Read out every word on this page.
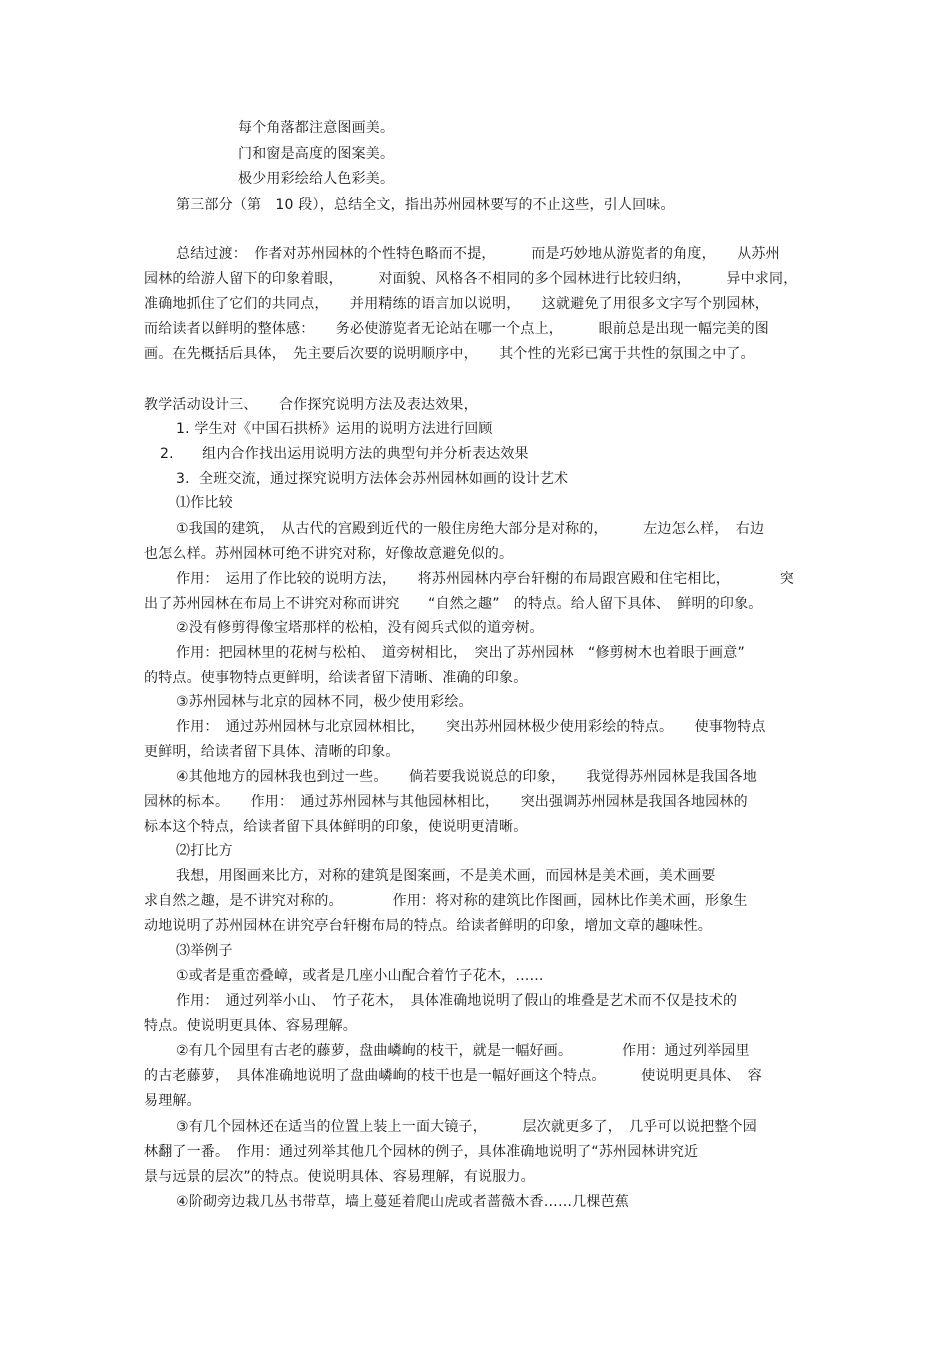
每个角落都注意图画美。
门和窗是高度的图案美。
极少用彩绘给人色彩美。
第三部分（第　10 段），总结全文，指出苏州园林要写的不止这些，引人回味。
总结过渡：　作者对苏州园林的个性特色略而不提，　　　而是巧妙地从游览者的角度，　　从苏州
园林的给游人留下的印象着眼，　　　对面貌、风格各不相同的多个园林进行比较归纳，　　　异中求同，
准确地抓住了它们的共同点，　　并用精练的语言加以说明，　　这就避免了用很多文字写个别园林，
而给读者以鲜明的整体感：　　务必使游览者无论站在哪一个点上，　　　眼前总是出现一幅完美的图
画。在先概括后具体，　先主要后次要的说明顺序中，　　其个性的光彩已寓于共性的氛围之中了。
教学活动设计三、　　合作探究说明方法及表达效果，
1. 学生对《中国石拱桥》运用的说明方法进行回顾
2.　　组内合作找出运用说明方法的典型句并分析表达效果
3.  全班交流，通过探究说明方法体会苏州园林如画的设计艺术
⑴作比较
①我国的建筑，　从古代的宫殿到近代的一般住房绝大部分是对称的，　　　左边怎么样，　右边
也怎么样。苏州园林可绝不讲究对称，好像故意避免似的。
作用：　运用了作比较的说明方法，　　将苏州园林内亭台轩榭的布局跟宫殿和住宅相比，　　　　突
出了苏州园林在布局上不讲究对称而讲究　　“自然之趣”　的特点。给人留下具体、　鲜明的印象。
②没有修剪得像宝塔那样的松柏，没有阅兵式似的道旁树。
作用：把园林里的花树与松柏、　道旁树相比，　突出了苏州园林　“修剪树木也着眼于画意”
的特点。使事物特点更鲜明，给读者留下清晰、准确的印象。
③苏州园林与北京的园林不同，极少使用彩绘。
作用：　通过苏州园林与北京园林相比，　　突出苏州园林极少使用彩绘的特点。　　使事物特点
更鲜明，给读者留下具体、清晰的印象。
④其他地方的园林我也到过一些。　　倘若要我说说总的印象，　　我觉得苏州园林是我国各地
园林的标本。　　作用：　通过苏州园林与其他园林相比，　　突出强调苏州园林是我国各地园林的
标本这个特点，给读者留下具体鲜明的印象，使说明更清晰。
⑵打比方
我想，用图画来比方，对称的建筑是图案画，不是美术画，而园林是美术画，美术画要
求自然之趣，是不讲究对称的。　　　　作用：将对称的建筑比作图画，园林比作美术画，形象生
动地说明了苏州园林在讲究亭台轩榭布局的特点。给读者鲜明的印象，增加文章的趣味性。
⑶举例子
①或者是重峦叠嶂，或者是几座小山配合着竹子花木，……
作用：　通过列举小山、　竹子花木，　具体准确地说明了假山的堆叠是艺术而不仅是技术的
特点。使说明更具体、容易理解。
②有几个园里有古老的藤萝，盘曲嶙峋的枝干，就是一幅好画。　　　　作用：通过列举园里
的古老藤萝，　具体准确地说明了盘曲嶙峋的枝干也是一幅好画这个特点。　　　使说明更具体、　容
易理解。
③有几个园林还在适当的位置上装上一面大镜子，　　　层次就更多了，　几乎可以说把整个园
林翻了一番。　作用：通过列举其他几个园林的例子，具体准确地说明了“苏州园林讲究近
景与远景的层次”的特点。使说明具体、容易理解，有说服力。
④阶砌旁边栽几丛书带草，墙上蔓延着爬山虎或者蔷薇木香……几棵芭蕉
